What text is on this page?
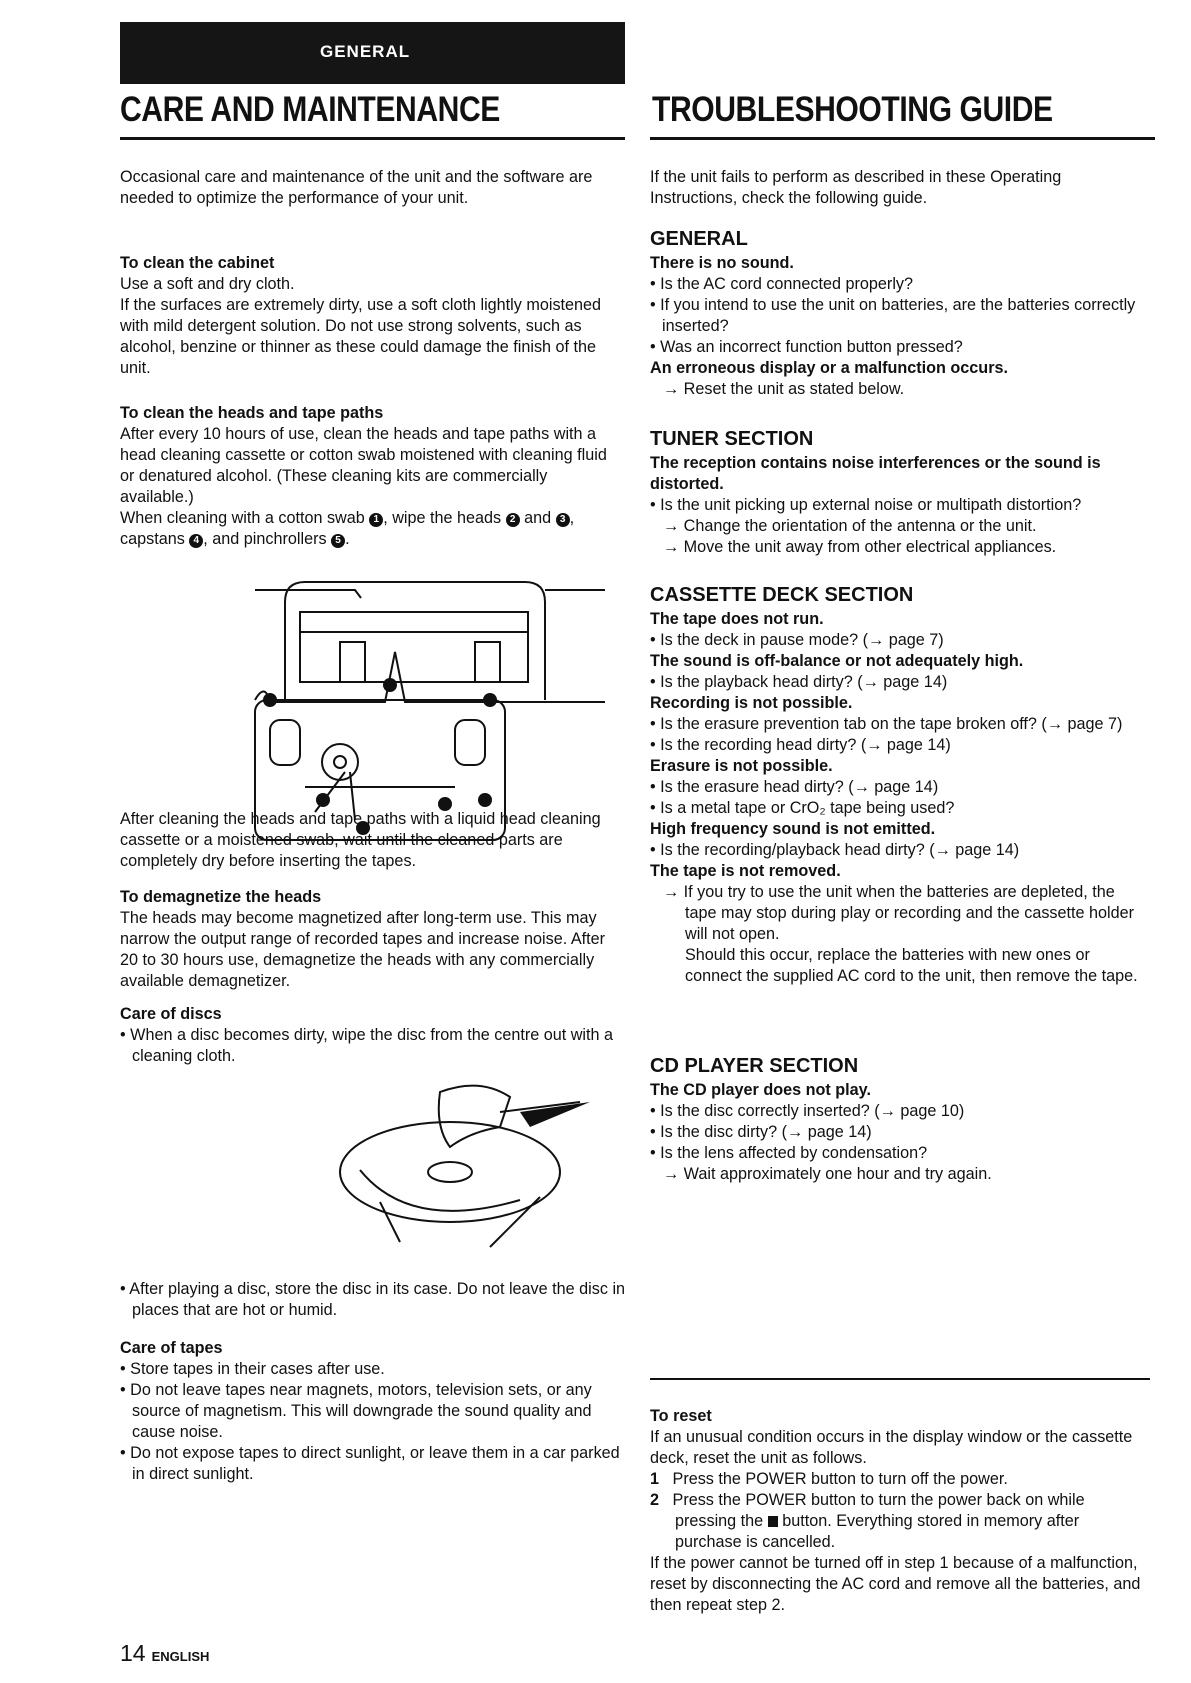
GENERAL
CARE AND MAINTENANCE	TROUBLESHOOTING GUIDE

Occasional care and maintenance of the unit and the software are needed to optimize the performance of your unit.

To clean the cabinet

Use a soft and dry cloth.

If the surfaces are extremely dirty, use a soft cloth lightly moistened with mild detergent solution. Do not use strong solvents, such as alcohol, benzine or thinner as these could damage the finish of the unit.

To clean the heads and tape paths

After every 10 hours of use, clean the heads and tape paths with a head cleaning cassette or cotton swab moistened with cleaning fluid or denatured alcohol. (These cleaning kits are commercially available.)

When cleaning with a cotton swab 1 , wipe the heads 2 and 3 , capstans 4 , and pinchrollers 5 .

After cleaning the heads and tape paths with a liquid head cleaning cassette or a moistened swab, wait until the cleaned parts are completely dry before inserting the tapes.

To demagnetize the heads

The heads may become magnetized after long-term use. This may narrow the output range of recorded tapes and increase noise. After 20 to 30 hours use, demagnetize the heads with any commercially available demagnetizer.

Care of discs

• When a disc becomes dirty, wipe the disc from the centre out with a cleaning cloth.

• After playing a disc, store the disc in its case. Do not leave the disc in places that are hot or humid.

Care of tapes

• Store tapes in their cases after use.

• Do not leave tapes near magnets, motors, television sets, or any source of magnetism. This will downgrade the sound quality and cause noise.

• Do not expose tapes to direct sunlight, or leave them in a car parked in direct sunlight.

If the unit fails to perform as described in these Operating Instructions, check the following guide.

GENERAL

There is no sound.

• Is the AC cord connected properly?

• If you intend to use the unit on batteries, are the batteries correctly inserted?

• Was an incorrect function button pressed?

An erroneous display or a malfunction occurs.

→ Reset the unit as stated below.

TUNER SECTION

The reception contains noise interferences or the sound is distorted.

• Is the unit picking up external noise or multipath distortion?

→ Change the orientation of the antenna or the unit.

→ Move the unit away from other electrical appliances.

CASSETTE DECK SECTION

The tape does not run.

• Is the deck in pause mode? (→ page 7)

The sound is off-balance or not adequately high.

• Is the playback head dirty? (→ page 14)

Recording is not possible.

• Is the erasure prevention tab on the tape broken off? (→ page 7)

• Is the recording head dirty? (→ page 14)

Erasure is not possible.

• Is the erasure head dirty? (→ page 14)

• Is a metal tape or CrO₂ tape being used?

High frequency sound is not emitted.

• Is the recording/playback head dirty? (→ page 14)

The tape is not removed.

→ If you try to use the unit when the batteries are depleted, the tape may stop during play or recording and the cassette holder will not open.

Should this occur, replace the batteries with new ones or connect the supplied AC cord to the unit, then remove the tape.

CD PLAYER SECTION

The CD player does not play.

• Is the disc correctly inserted? (→ page 10)

• Is the disc dirty? (→ page 14)

• Is the lens affected by condensation?

→ Wait approximately one hour and try again.

To reset

If an unusual condition occurs in the display window or the cassette deck, reset the unit as follows.

1 Press the POWER button to turn off the power.

2 Press the POWER button to turn the power back on while pressing the button. Everything stored in memory after purchase is cancelled.

If the power cannot be turned off in step 1 because of a malfunction, reset by disconnecting the AC cord and remove all the batteries, and then repeat step 2.

14 ENGLISH
